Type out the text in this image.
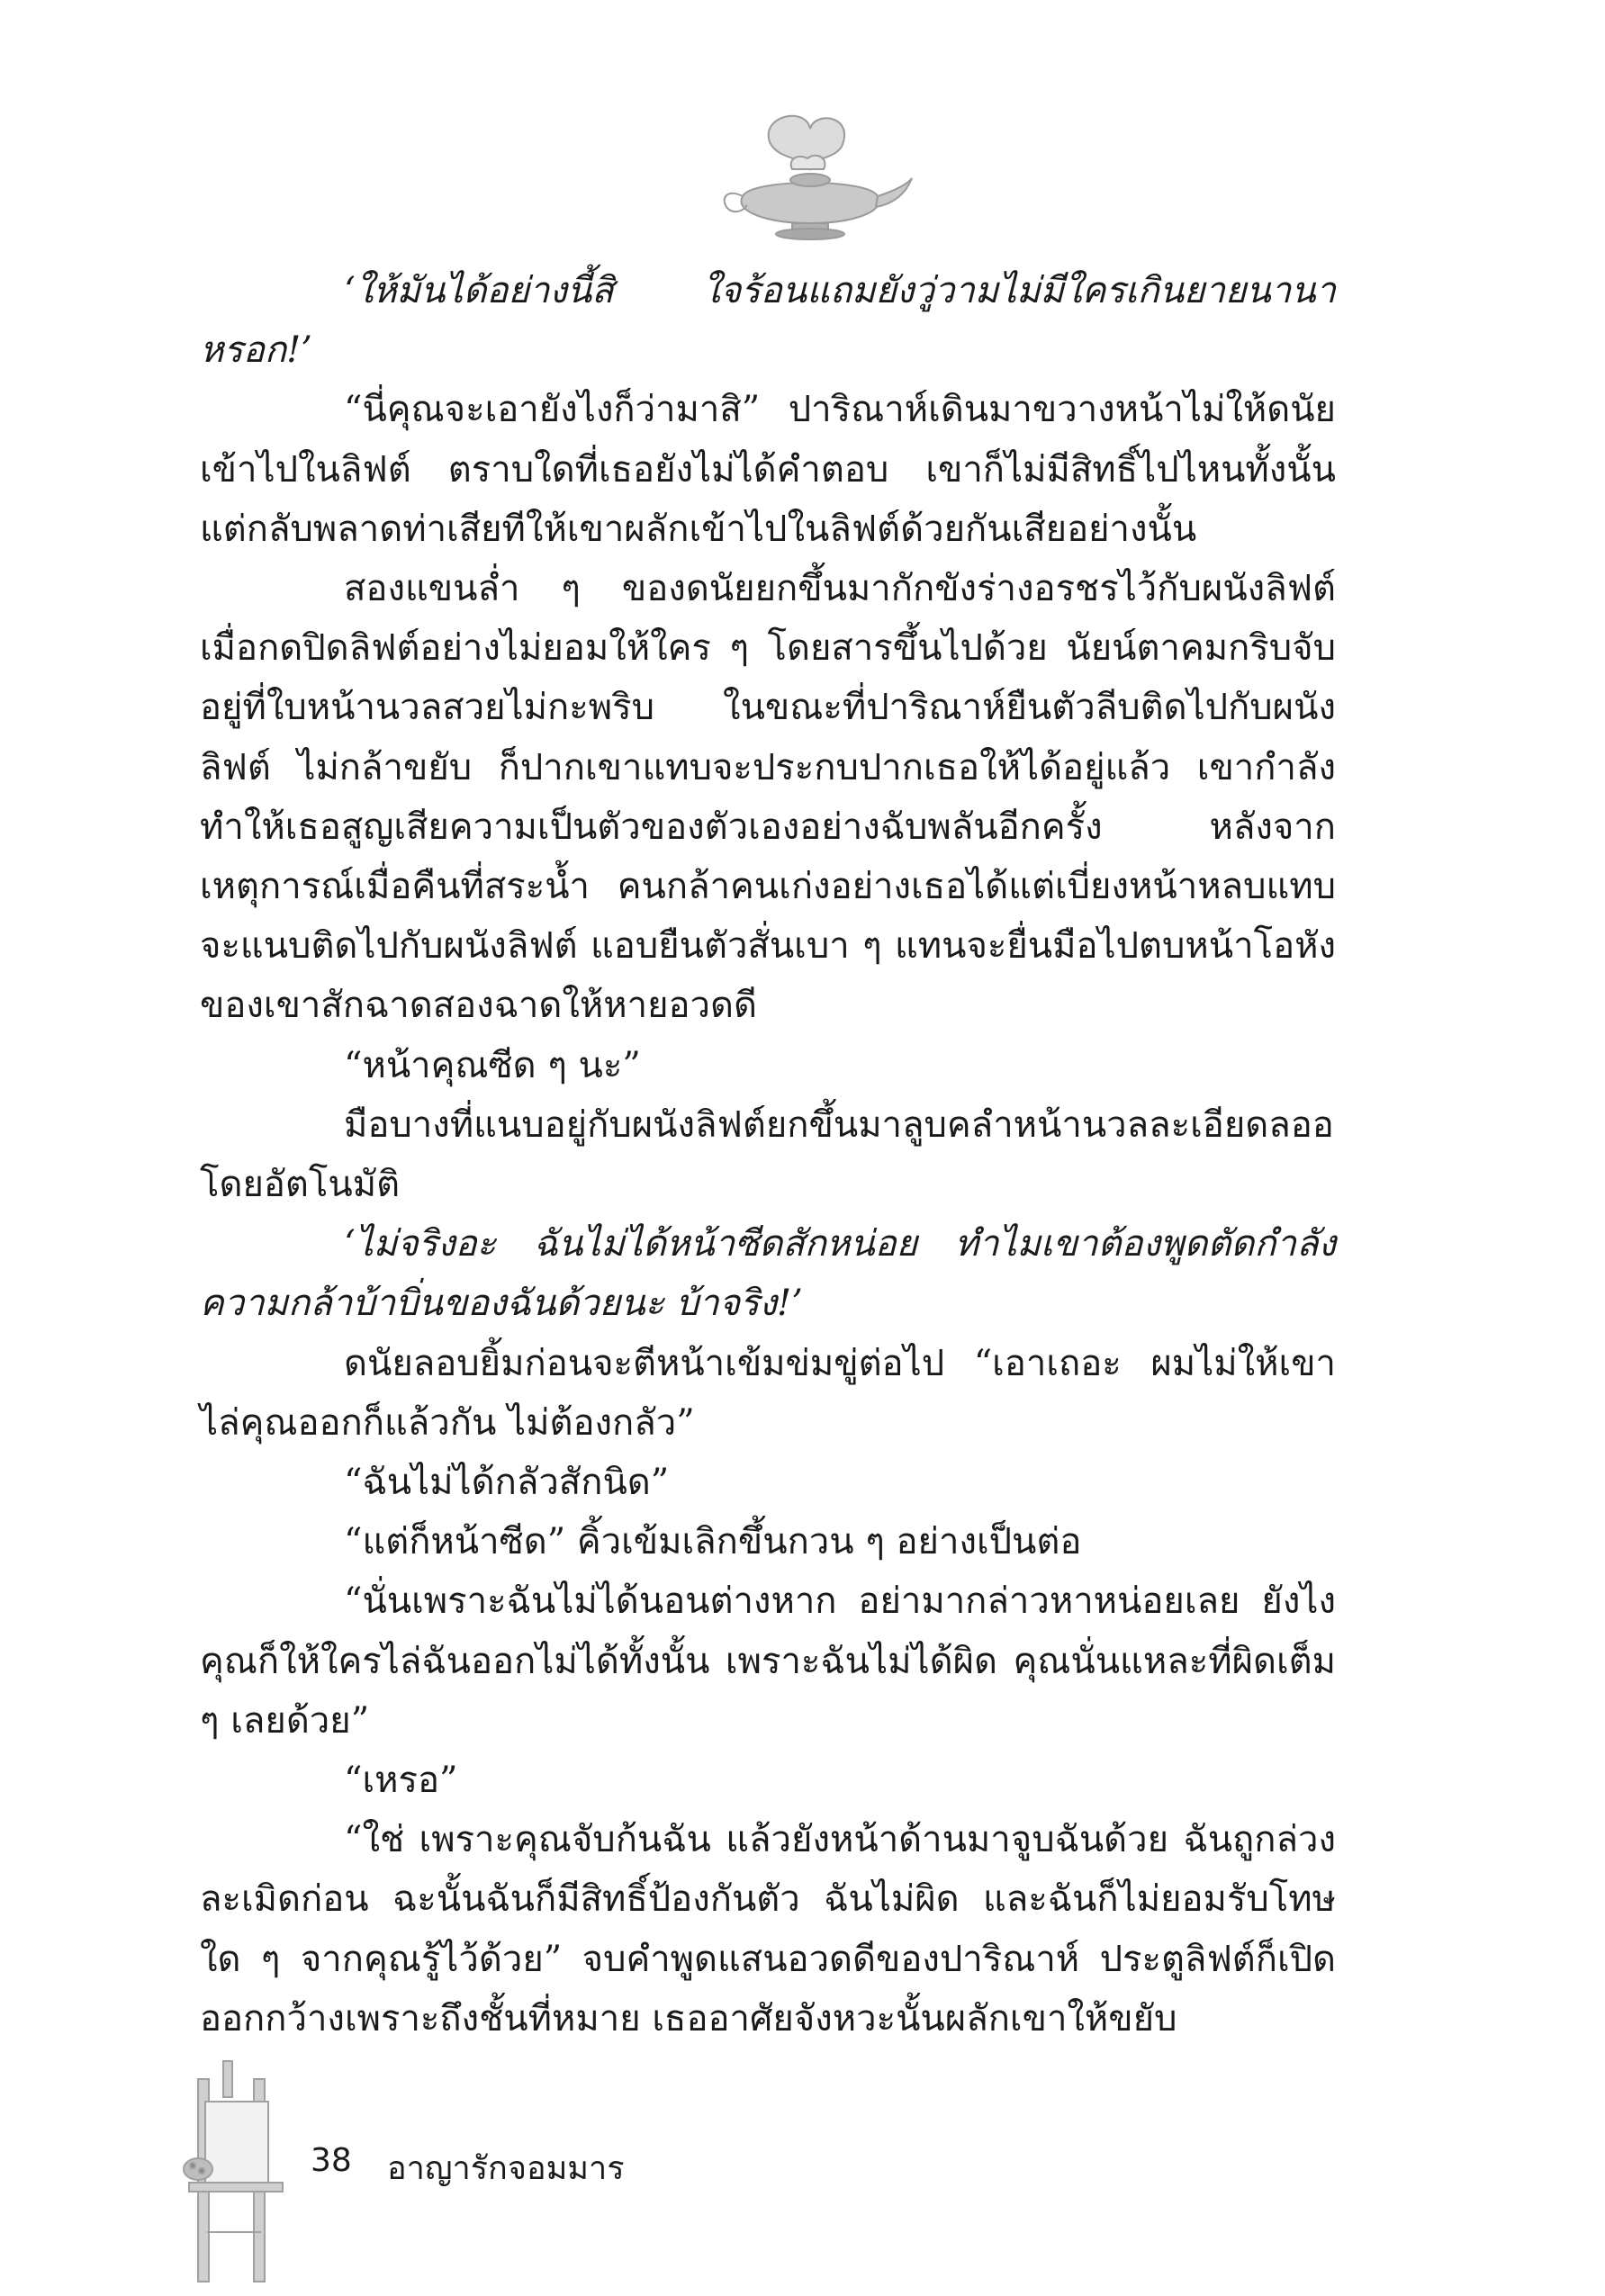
‘ให้มันได้อย่างนี้สิ ใจร้อนแถมยังวู่วามไม่มีใครเกินยายนานาหรอก!’

“นี่คุณจะเอายังไงก็ว่ามาสิ” ปาริณาห์เดินมาขวางหน้าไม่ให้ดนัยเข้าไปในลิฟต์ ตราบใดที่เธอยังไม่ได้คำตอบ เขาก็ไม่มีสิทธิ์ไปไหนทั้งนั้น แต่กลับพลาดท่าเสียทีให้เขาผลักเข้าไปในลิฟต์ด้วยกันเสียอย่างนั้น

สองแขนล่ำ ๆ ของดนัยยกขึ้นมากักขังร่างอรชรไว้กับผนังลิฟต์ เมื่อกดปิดลิฟต์อย่างไม่ยอมให้ใคร ๆ โดยสารขึ้นไปด้วย นัยน์ตาคมกริบจับอยู่ที่ใบหน้านวลสวยไม่กะพริบ ในขณะที่ปาริณาห์ยืนตัวลีบติดไปกับผนังลิฟต์ ไม่กล้าขยับ ก็ปากเขาแทบจะประกบปากเธอให้ได้อยู่แล้ว เขากำลังทำให้เธอสูญเสียความเป็นตัวของตัวเองอย่างฉับพลันอีกครั้ง หลังจากเหตุการณ์เมื่อคืนที่สระน้ำ คนกล้าคนเก่งอย่างเธอได้แต่เบี่ยงหน้าหลบแทบจะแนบติดไปกับผนังลิฟต์ แอบยืนตัวสั่นเบา ๆ แทนจะยื่นมือไปตบหน้าโอหังของเขาสักฉาดสองฉาดให้หายอวดดี

“หน้าคุณซีด ๆ นะ”

มือบางที่แนบอยู่กับผนังลิฟต์ยกขึ้นมาลูบคลำหน้านวลละเอียดลออโดยอัตโนมัติ

‘ไม่จริงอะ ฉันไม่ได้หน้าซีดสักหน่อย ทำไมเขาต้องพูดตัดกำลังความกล้าบ้าบิ่นของฉันด้วยนะ บ้าจริง!’

ดนัยลอบยิ้มก่อนจะตีหน้าเข้มข่มขู่ต่อไป “เอาเถอะ ผมไม่ให้เขาไล่คุณออกก็แล้วกัน ไม่ต้องกลัว”

“ฉันไม่ได้กลัวสักนิด”

“แต่ก็หน้าซีด” คิ้วเข้มเลิกขึ้นกวน ๆ อย่างเป็นต่อ

“นั่นเพราะฉันไม่ได้นอนต่างหาก อย่ามากล่าวหาหน่อยเลย ยังไงคุณก็ให้ใครไล่ฉันออกไม่ได้ทั้งนั้น เพราะฉันไม่ได้ผิด คุณนั่นแหละที่ผิดเต็ม ๆ เลยด้วย”

“เหรอ”

“ใช่ เพราะคุณจับก้นฉัน แล้วยังหน้าด้านมาจูบฉันด้วย ฉันถูกล่วงละเมิดก่อน ฉะนั้นฉันก็มีสิทธิ์ป้องกันตัว ฉันไม่ผิด และฉันก็ไม่ยอมรับโทษใด ๆ จากคุณรู้ไว้ด้วย” จบคำพูดแสนอวดดีของปาริณาห์ ประตูลิฟต์ก็เปิดออกกว้างเพราะถึงชั้นที่หมาย เธออาศัยจังหวะนั้นผลักเขาให้ขยับ

38 อาญารักจอมมาร
